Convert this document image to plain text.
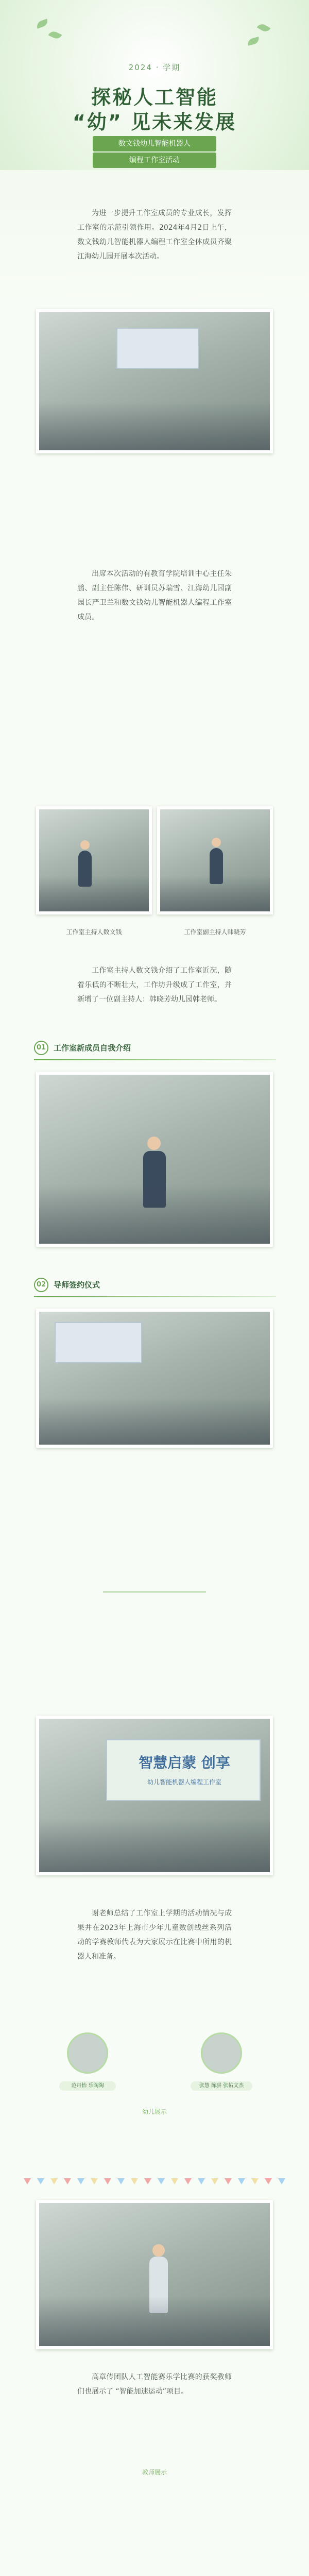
2024 · 学期
探秘人工智能
“幼” 见未来发展
数文钱幼儿智能机器人
编程工作室活动
为进一步提升工作室成员的专业成长，发挥工作室的示范引领作用。2024年4月2日上午，数文钱幼儿智能机器人编程工作室全体成员齐聚江海幼儿园开展本次活动。
出席本次活动的有教育学院培训中心主任朱鹏、副主任陈伟、研训员苏瑞雪、江海幼儿园副园长严卫兰和数文钱幼儿智能机器人编程工作室成员。
工作室主持人数文钱	工作室副主持人韩晓芳
工作室主持人数文钱介绍了工作室近况，随着乐低的不断壮大，工作坊升级成了工作室，并新增了一位副主持人：韩晓芳幼儿园韩老师。
01 工作室新成员自我介绍
02 导师签约仪式
智慧启蒙 创享
幼儿智能机器人编程工作室
谢老师总结了工作室上学期的活动情况与成果并在2023年上海市少年儿童数创线丝系列活动的学赛教师代表为大家展示在比赛中所用的机器人和准备。
范丹怡 乐陶陶	张慧 陈骐 张佑文杰
幼儿展示
高章传团队人工智能赛乐学比赛的获奖教师们也展示了 “智能加速运动”项目。
教师展示
